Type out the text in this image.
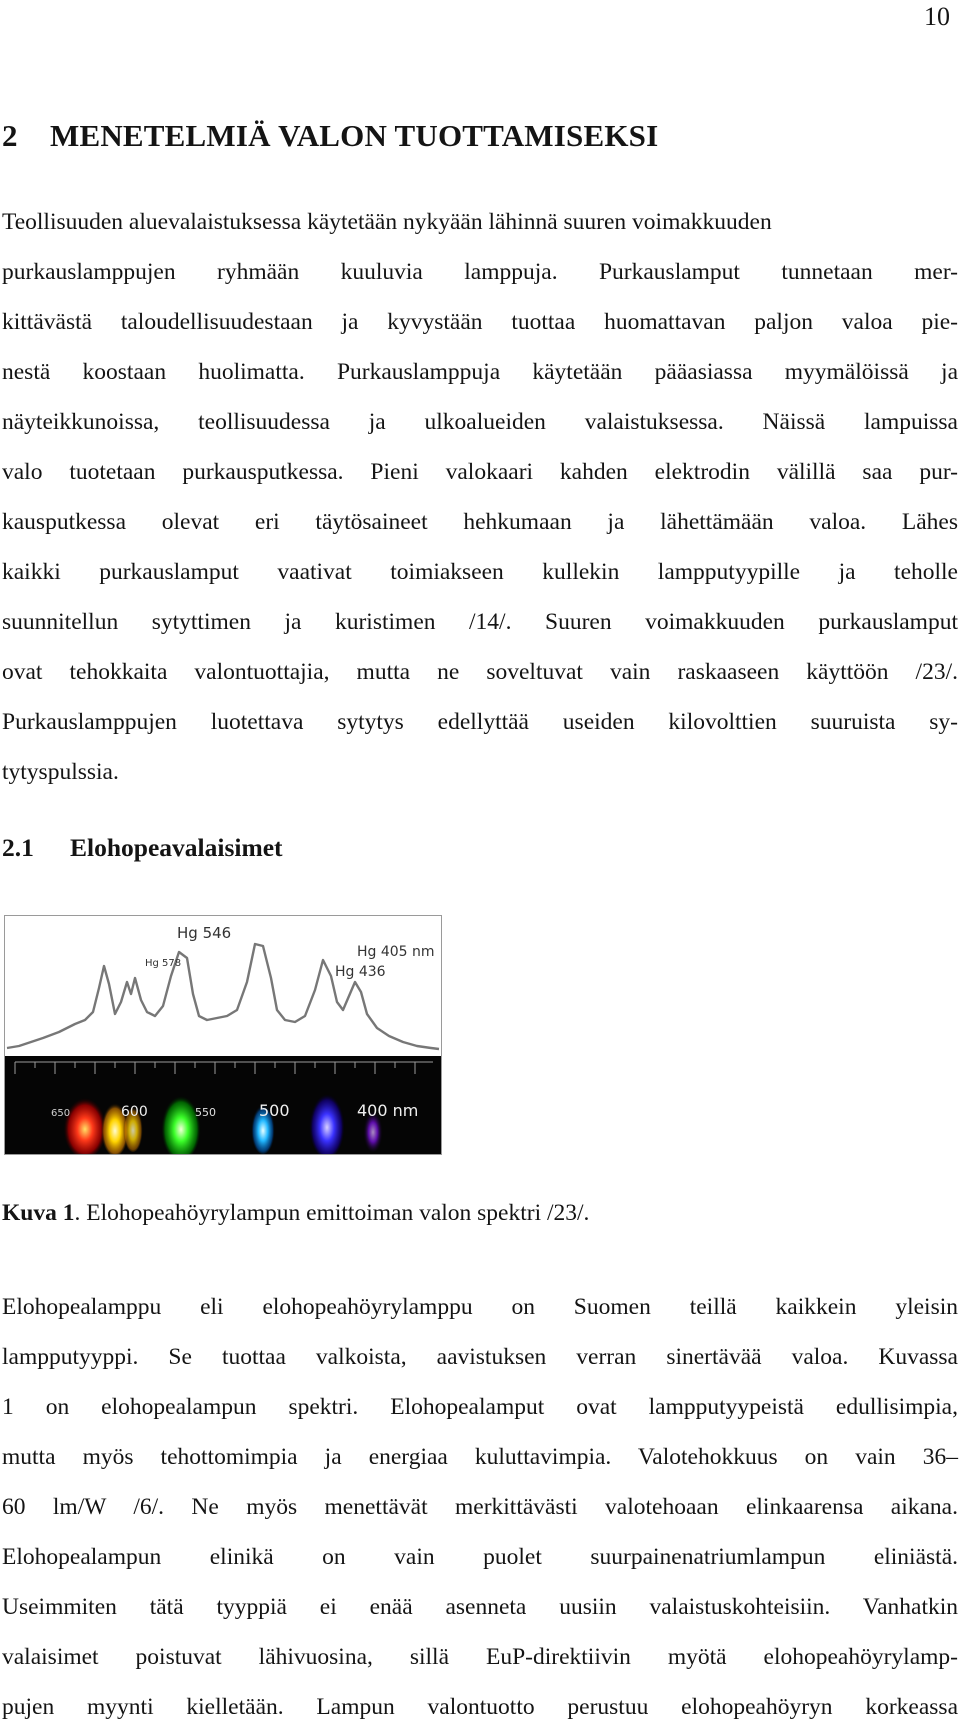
10
2 MENETELMIÄ VALON TUOTTAMISEKSI
Teollisuuden aluevalaistuksessa käytetään nykyään lähinnä suuren voimakkuuden
purkauslamppujen ryhmään kuuluvia lamppuja. Purkauslamput tunnetaan mer-
kittävästä taloudellisuudestaan ja kyvystään tuottaa huomattavan paljon valoa pie-
nestä koostaan huolimatta. Purkauslamppuja käytetään pääasiassa myymälöissä ja
näyteikkunoissa, teollisuudessa ja ulkoalueiden valaistuksessa. Näissä lampuissa
valo tuotetaan purkausputkessa. Pieni valokaari kahden elektrodin välillä saa pur-
kausputkessa olevat eri täytösaineet hehkumaan ja lähettämään valoa. Lähes
kaikki purkauslamput vaativat toimiakseen kullekin lampputyypille ja teholle
suunnitellun sytyttimen ja kuristimen /14/. Suuren voimakkuuden purkauslamput
ovat tehokkaita valontuottajia, mutta ne soveltuvat vain raskaaseen käyttöön /23/.
Purkauslamppujen luotettava sytytys edellyttää useiden kilovolttien suuruista sy-
tytyspulssia.
2.1 Elohopeavalaisimet
Hg 546
Hg 578
Hg 405 nm
Hg 436
650	600	550	500	400 nm
Kuva 1. Elohopeahöyrylampun emittoiman valon spektri /23/.
Elohopealamppu eli elohopeahöyrylamppu on Suomen teillä kaikkein yleisin
lampputyyppi. Se tuottaa valkoista, aavistuksen verran sinertävää valoa. Kuvassa
1 on elohopealampun spektri. Elohopealamput ovat lampputyypeistä edullisimpia,
mutta myös tehottomimpia ja energiaa kuluttavimpia. Valotehokkuus on vain 36–
60 lm/W /6/. Ne myös menettävät merkittävästi valotehoaan elinkaarensa aikana.
Elohopealampun elinikä on vain puolet suurpainenatriumlampun eliniästä.
Useimmiten tätä tyyppiä ei enää asenneta uusiin valaistuskohteisiin. Vanhatkin
valaisimet poistuvat lähivuosina, sillä EuP-direktiivin myötä elohopeahöyrylamp-
pujen myynti kielletään. Lampun valontuotto perustuu elohopeahöyryn korkeassa
